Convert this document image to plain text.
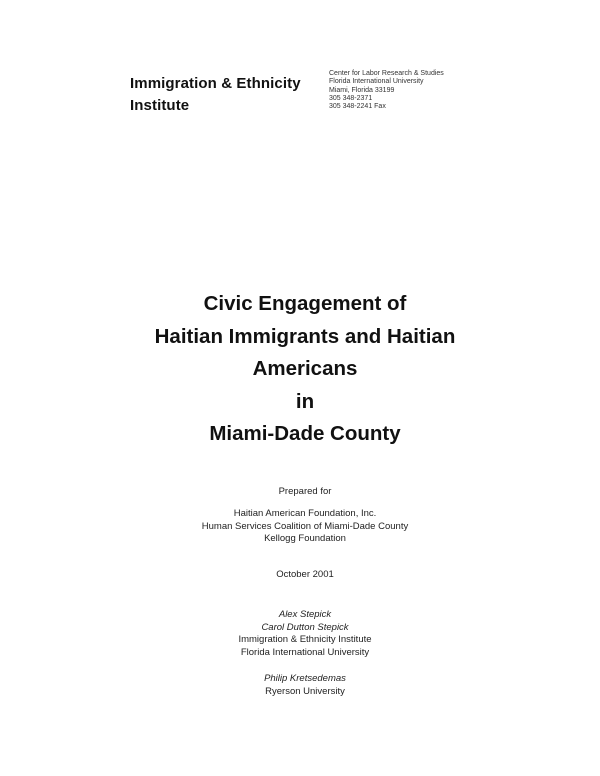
Immigration & Ethnicity
Institute
Center for Labor Research & Studies
Florida International University
Miami, Florida 33199
305 348-2371
305 348-2241 Fax
Civic Engagement of
Haitian Immigrants and Haitian
Americans
in
Miami-Dade County
Prepared for
Haitian American Foundation, Inc.
Human Services Coalition of Miami-Dade County
Kellogg Foundation
October 2001
Alex Stepick
Carol Dutton Stepick
Immigration & Ethnicity Institute
Florida International University
Philip Kretsedemas
Ryerson University
